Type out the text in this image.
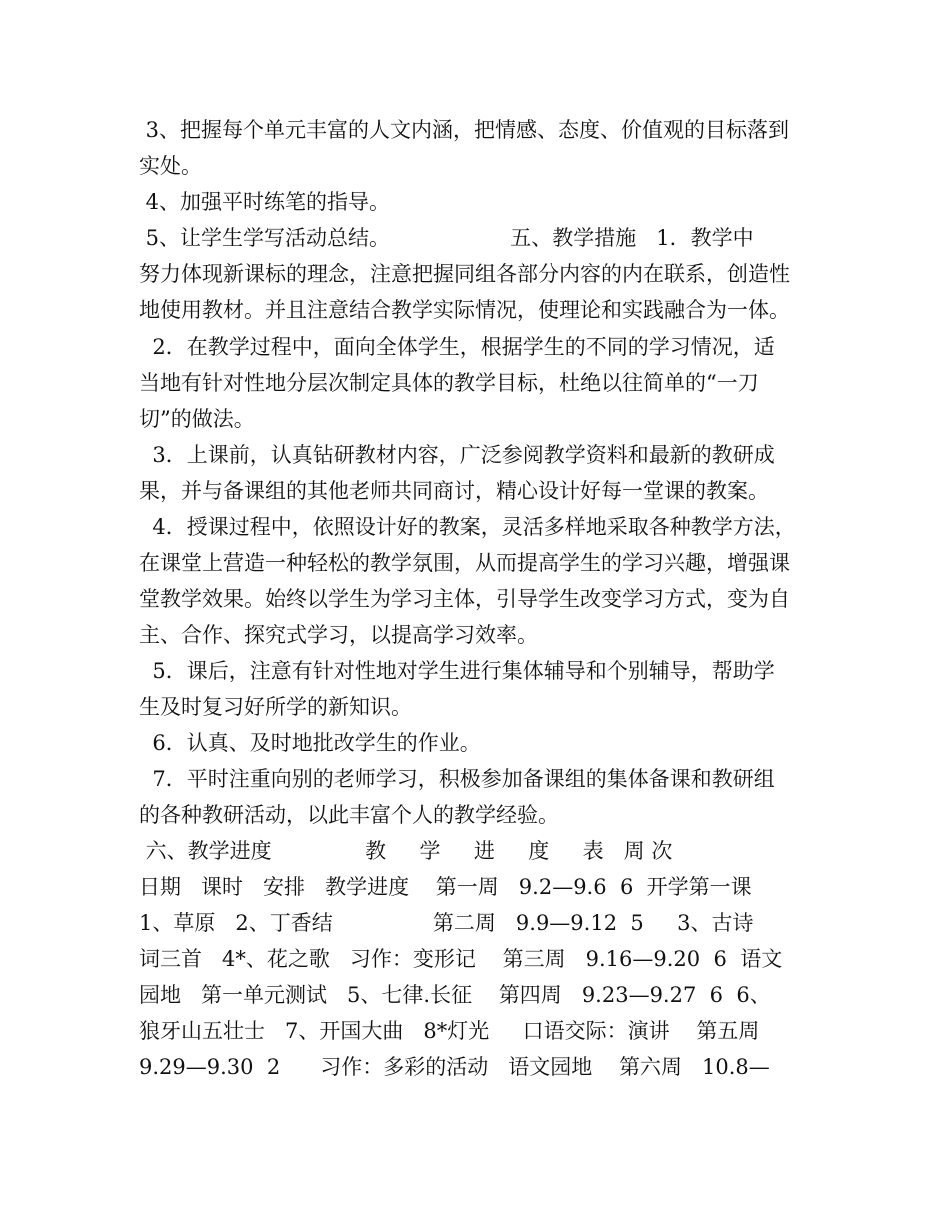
3、把握每个单元丰富的人文内涵，把情感、态度、价值观的目标落到
实处。
4、加强平时练笔的指导。
5、让学生学写活动总结。                  五、教学措施   1．教学中
努力体现新课标的理念，注意把握同组各部分内容的内在联系，创造性
地使用教材。并且注意结合教学实际情况，使理论和实践融合为一体。
2．在教学过程中，面向全体学生，根据学生的不同的学习情况，适
当地有针对性地分层次制定具体的教学目标，杜绝以往简单的“一刀
切”的做法。
3．上课前，认真钻研教材内容，广泛参阅教学资料和最新的教研成
果，并与备课组的其他老师共同商讨，精心设计好每一堂课的教案。
4．授课过程中，依照设计好的教案，灵活多样地采取各种教学方法，
在课堂上营造一种轻松的教学氛围，从而提高学生的学习兴趣，增强课
堂教学效果。始终以学生为学习主体，引导学生改变学习方式，变为自
主、合作、探究式学习，以提高学习效率。
5．课后，注意有针对性地对学生进行集体辅导和个别辅导，帮助学
生及时复习好所学的新知识。
6．认真、及时地批改学生的作业。
7．平时注重向别的老师学习，积极参加备课组的集体备课和教研组
的各种教研活动，以此丰富个人的教学经验。
六、教学进度              教     学     进     度     表   周 次
日期   课时   安排   教学进度    第一周   9.2—9.6  6  开学第一课
1、草原   2、丁香结               第二周   9.9—9.12  5     3、古诗
词三首   4*、花之歌   习作：变形记    第三周   9.16—9.20  6  语文
园地   第一单元测试   5、七律.长征    第四周   9.23—9.27  6  6、
狼牙山五壮士   7、开国大曲   8*灯光     口语交际：演讲    第五周
9.29—9.30  2      习作：多彩的活动   语文园地    第六周   10.8—
